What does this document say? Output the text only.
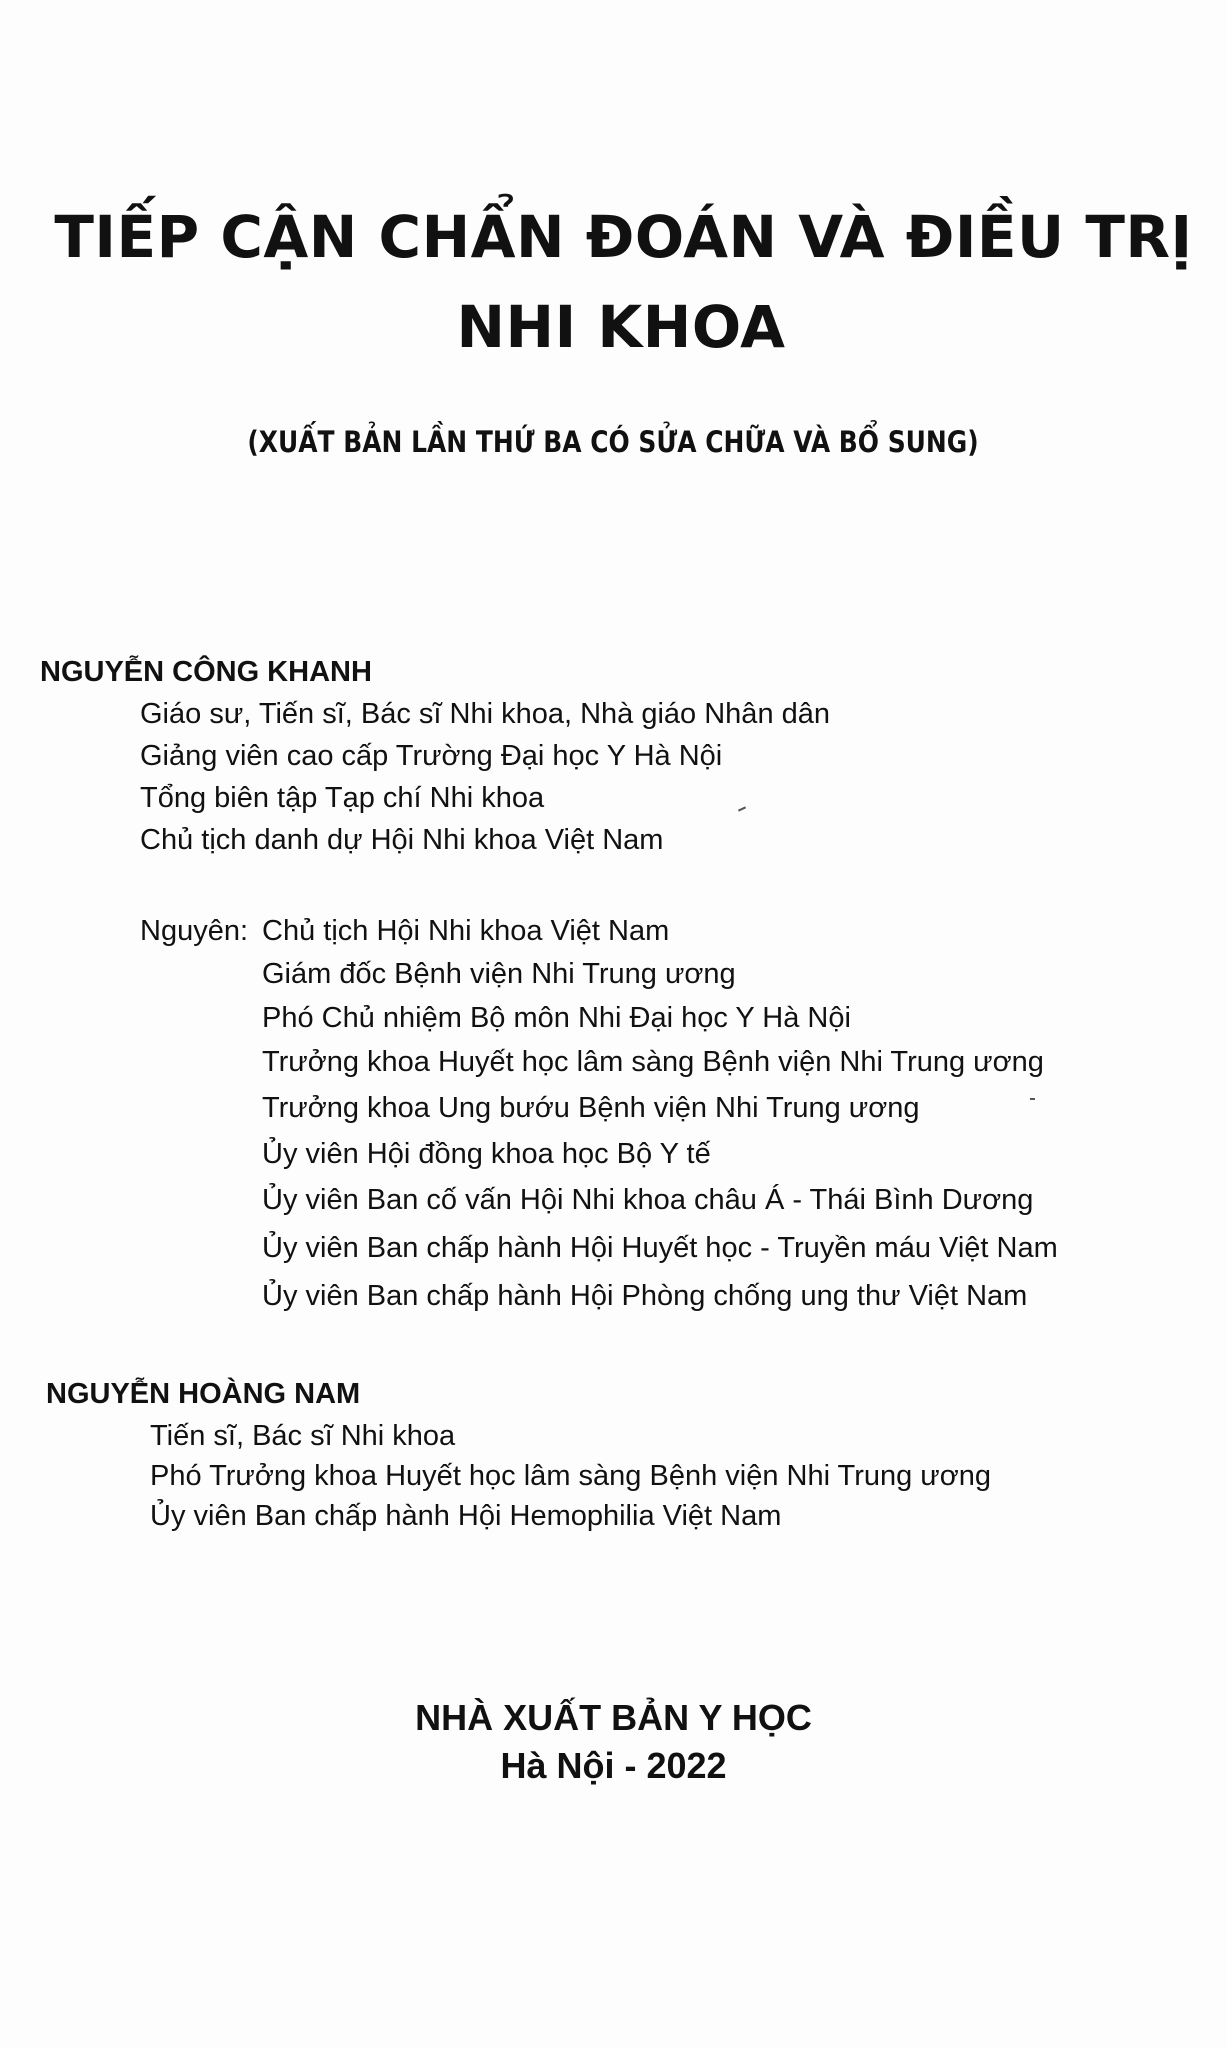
TIẾP CẬN CHẨN ĐOÁN VÀ ĐIỀU TRỊ
NHI KHOA
(XUẤT BẢN LẦN THỨ BA CÓ SỬA CHỮA VÀ BỔ SUNG)
NGUYỄN CÔNG KHANH
Giáo sư, Tiến sĩ, Bác sĩ Nhi khoa, Nhà giáo Nhân dân
Giảng viên cao cấp Trường Đại học Y Hà Nội
Tổng biên tập Tạp chí Nhi khoa
Chủ tịch danh dự Hội Nhi khoa Việt Nam
Nguyên: Chủ tịch Hội Nhi khoa Việt Nam
Giám đốc Bệnh viện Nhi Trung ương
Phó Chủ nhiệm Bộ môn Nhi Đại học Y Hà Nội
Trưởng khoa Huyết học lâm sàng Bệnh viện Nhi Trung ương
Trưởng khoa Ung bướu Bệnh viện Nhi Trung ương
Ủy viên Hội đồng khoa học Bộ Y tế
Ủy viên Ban cố vấn Hội Nhi khoa châu Á - Thái Bình Dương
Ủy viên Ban chấp hành Hội Huyết học - Truyền máu Việt Nam
Ủy viên Ban chấp hành Hội Phòng chống ung thư Việt Nam
NGUYỄN HOÀNG NAM
Tiến sĩ, Bác sĩ Nhi khoa
Phó Trưởng khoa Huyết học lâm sàng Bệnh viện Nhi Trung ương
Ủy viên Ban chấp hành Hội Hemophilia Việt Nam
NHÀ XUẤT BẢN Y HỌC
Hà Nội - 2022
